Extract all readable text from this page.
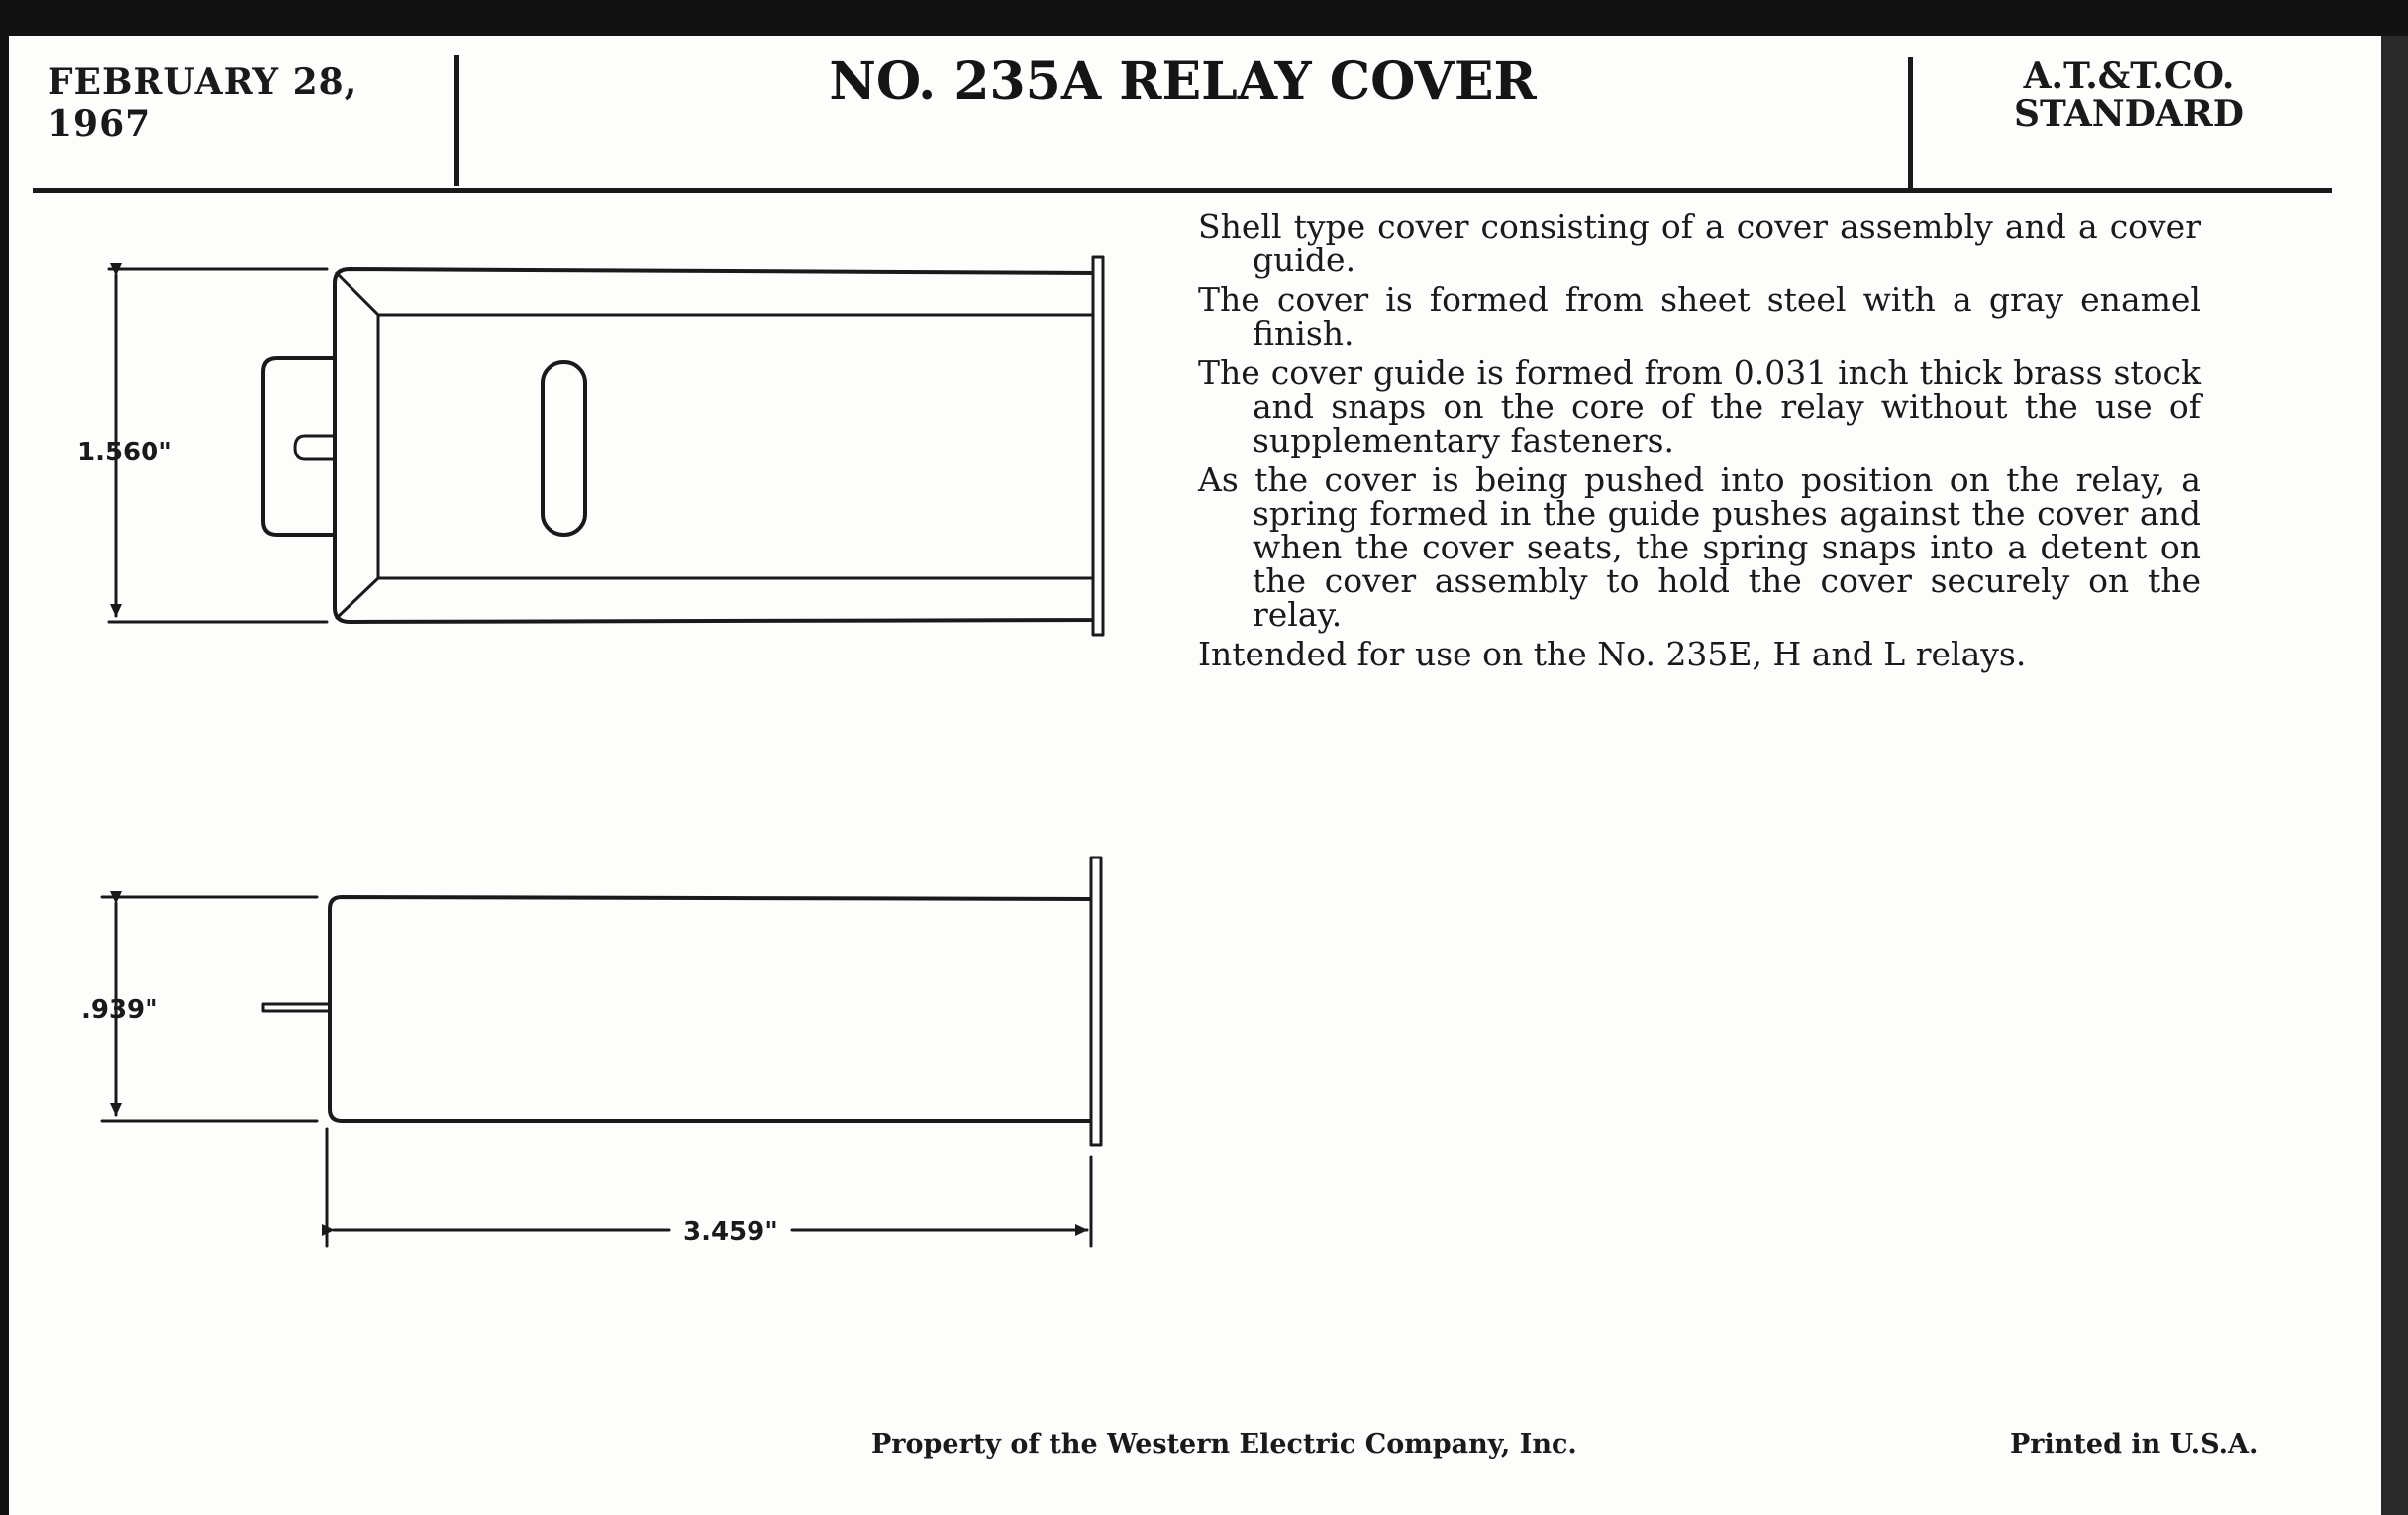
FEBRUARY 28, 1967
NO. 235A RELAY COVER	A.T.&T.CO.
STANDARD

Shell type cover consisting of a cover assembly and a cover guide.

The cover is formed from sheet steel with a gray enamel finish.

The cover guide is formed from 0.031 inch thick brass stock and snaps on the core of the relay without the use of supplementary fasteners.

As the cover is being pushed into position on the relay, a spring formed in the guide pushes against the cover and when the cover seats, the spring snaps into a detent on the cover assembly to hold the cover securely on the relay.

Intended for use on the No. 235E, H and L relays.

1.560"
.939"
3.459"
Property of the Western Electric Company, Inc.	Printed in U.S.A.
